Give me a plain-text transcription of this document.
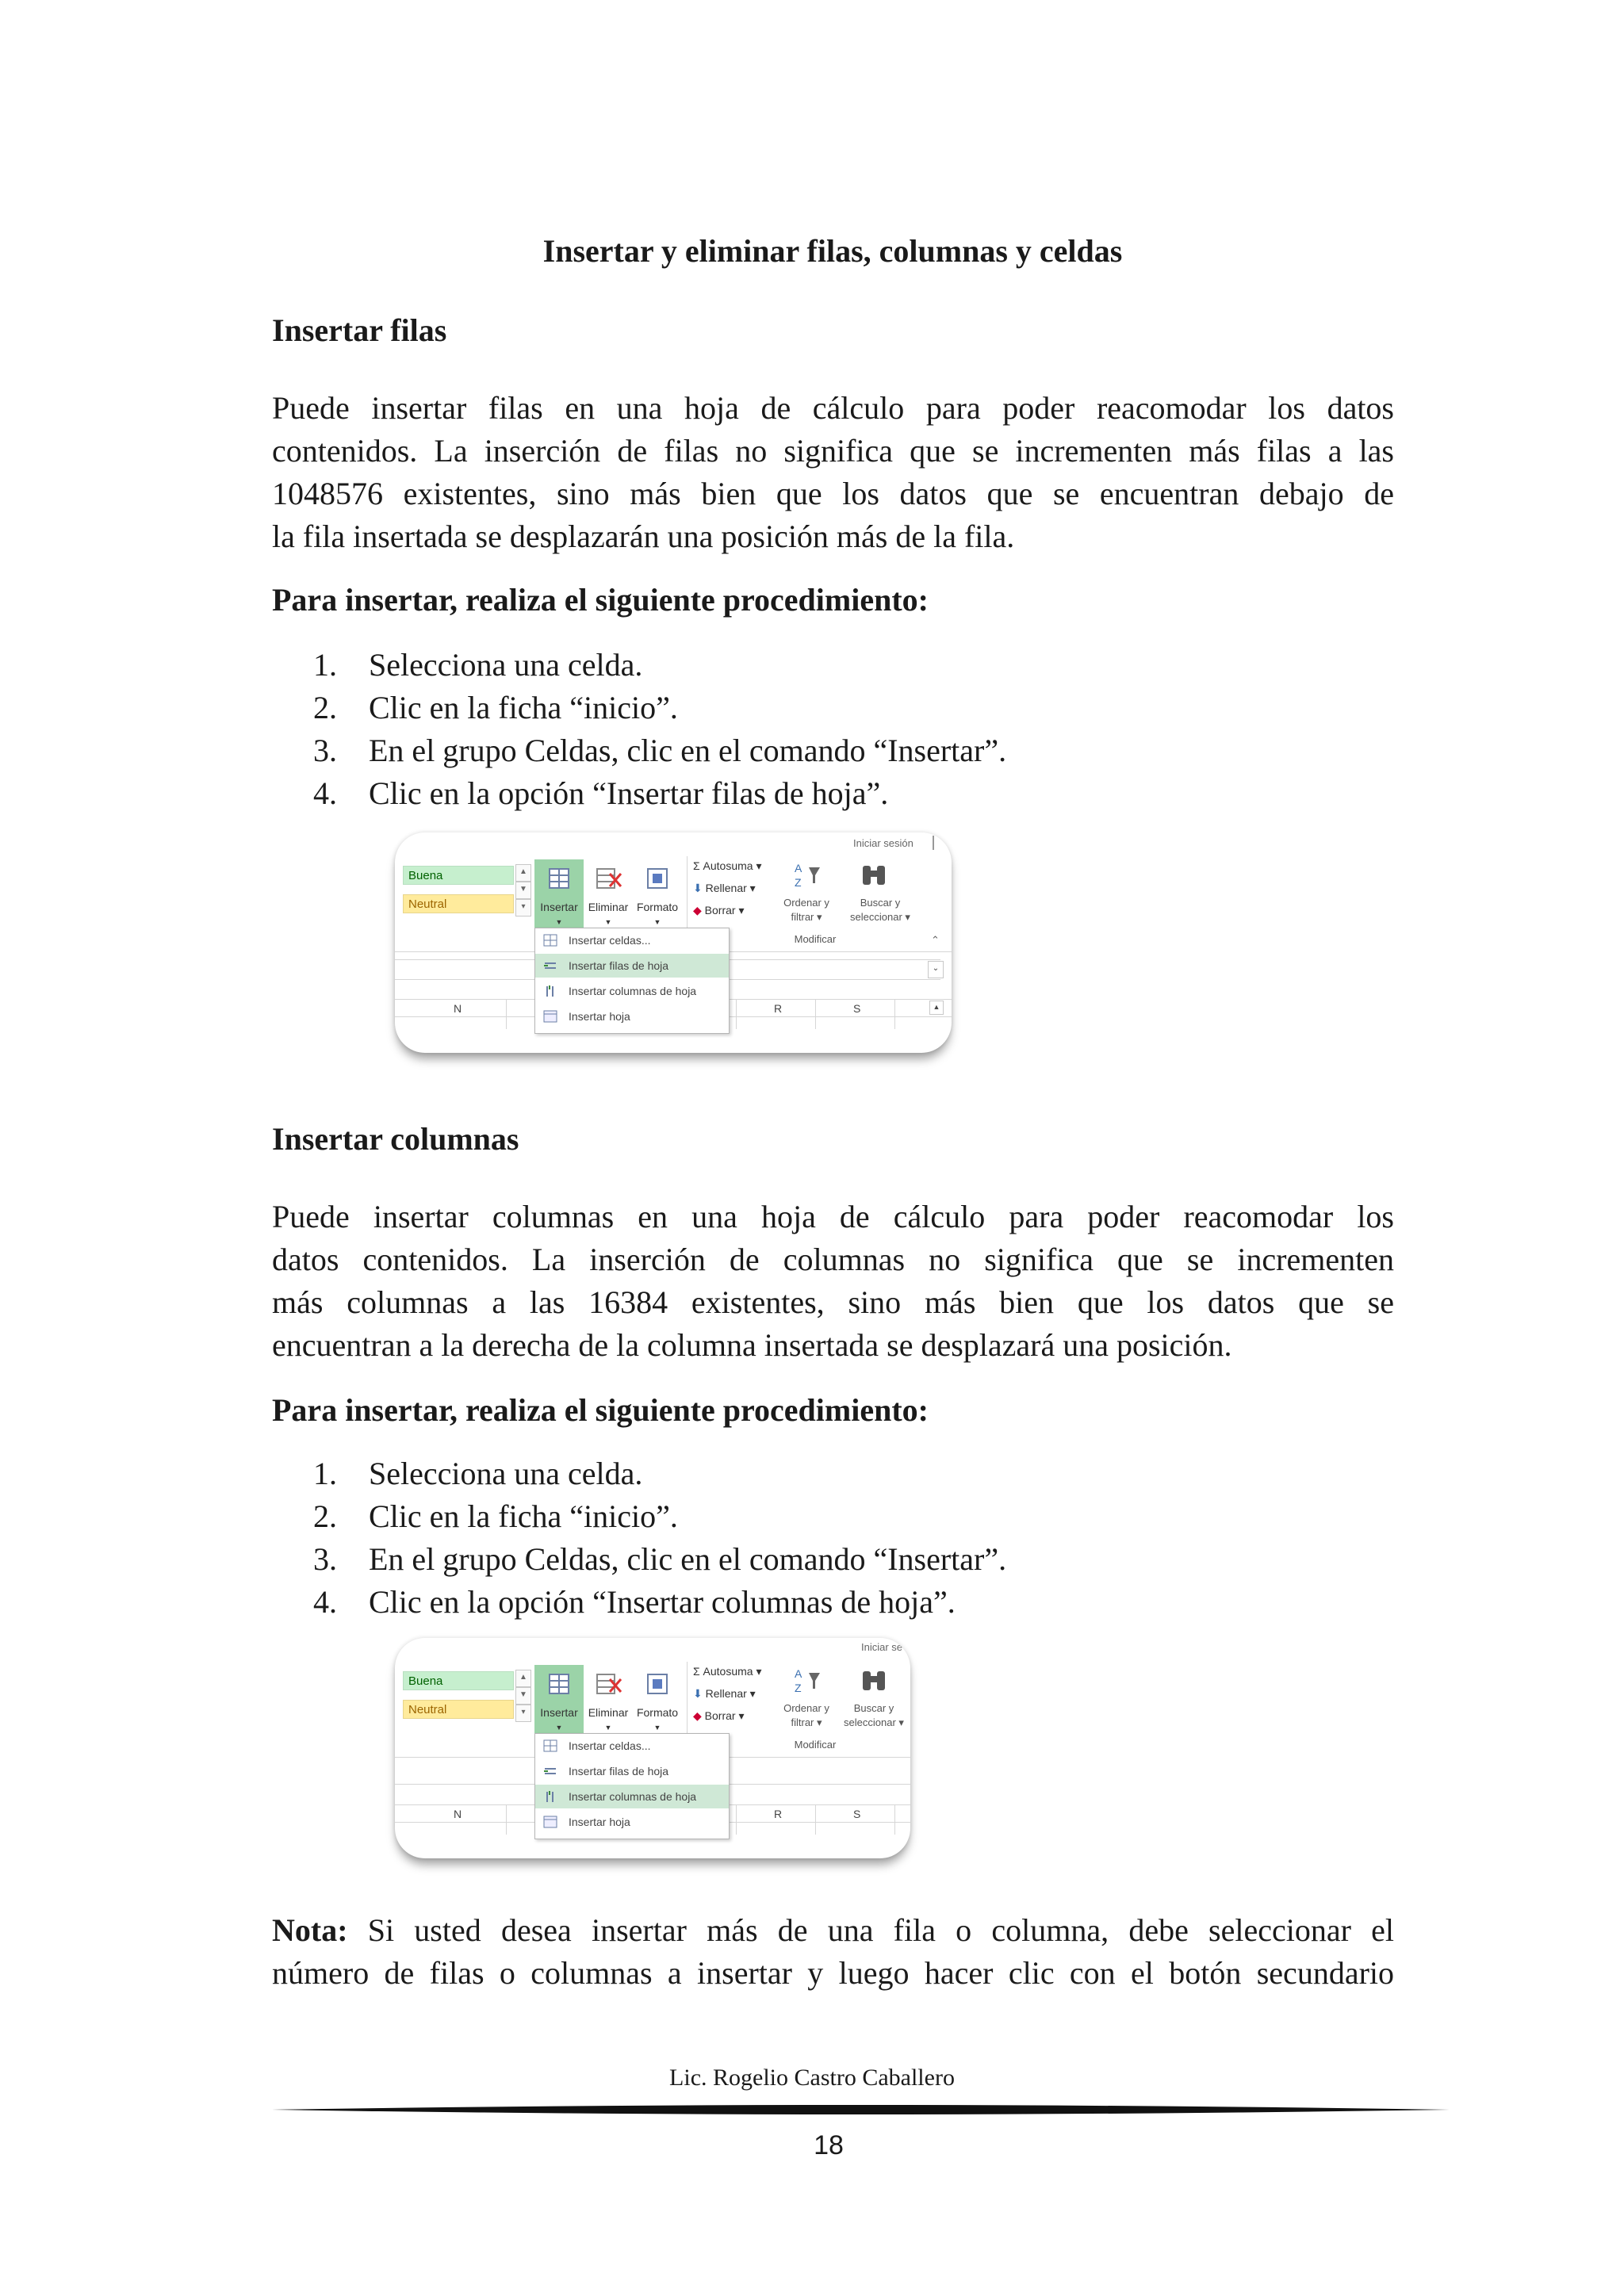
Insertar y eliminar filas, columnas y celdas
Insertar filas
Puede insertar filas en una hoja de cálculo para poder reacomodar los datos
contenidos. La inserción de filas no significa que se incrementen más filas a las
1048576 existentes, sino más bien que los datos que se encuentran debajo de
la fila insertada se desplazarán una posición más de la fila.
Para insertar, realiza el siguiente procedimiento:
1.	Selecciona una celda.
2.	Clic en la ficha “inicio”.
3.	En el grupo Celdas, clic en el comando “Insertar”.
4.	Clic en la opción “Insertar filas de hoja”.
Iniciar sesión
Buena
Neutral
▲
▼
▾	Insertar
▼
Eliminar
▼
Formato
▼
Σ Autosuma ▾
⬇ Rellenar ▾
◆ Borrar ▾
A
Z
Ordenar y
filtrar ▾
Buscar y
seleccionar ▾
Modificar	⌃
⌄
N	R	S	▲
Insertar celdas...
Insertar filas de hoja
Insertar columnas de hoja
Insertar hoja
Insertar columnas
Puede insertar columnas en una hoja de cálculo para poder reacomodar los
datos contenidos. La inserción de columnas no significa que se incrementen
más columnas a las 16384 existentes, sino más bien que los datos que se
encuentran a la derecha de la columna insertada se desplazará una posición.
Para insertar, realiza el siguiente procedimiento:
1.	Selecciona una celda.
2.	Clic en la ficha “inicio”.
3.	En el grupo Celdas, clic en el comando “Insertar”.
4.	Clic en la opción “Insertar columnas de hoja”.
Iniciar se
Buena
Neutral
▲
▼
▾	Insertar
▼
Eliminar
▼
Formato
▼
Σ Autosuma ▾
⬇ Rellenar ▾
◆ Borrar ▾
A
Z
Ordenar y
filtrar ▾
Buscar y
seleccionar ▾
Modificar
N	R	S
Insertar celdas...
Insertar filas de hoja
Insertar columnas de hoja
Insertar hoja
Nota: Si usted desea insertar más de una fila o columna, debe seleccionar el
número de filas o columnas a insertar y luego hacer clic con el botón secundario
Lic. Rogelio Castro Caballero
18
